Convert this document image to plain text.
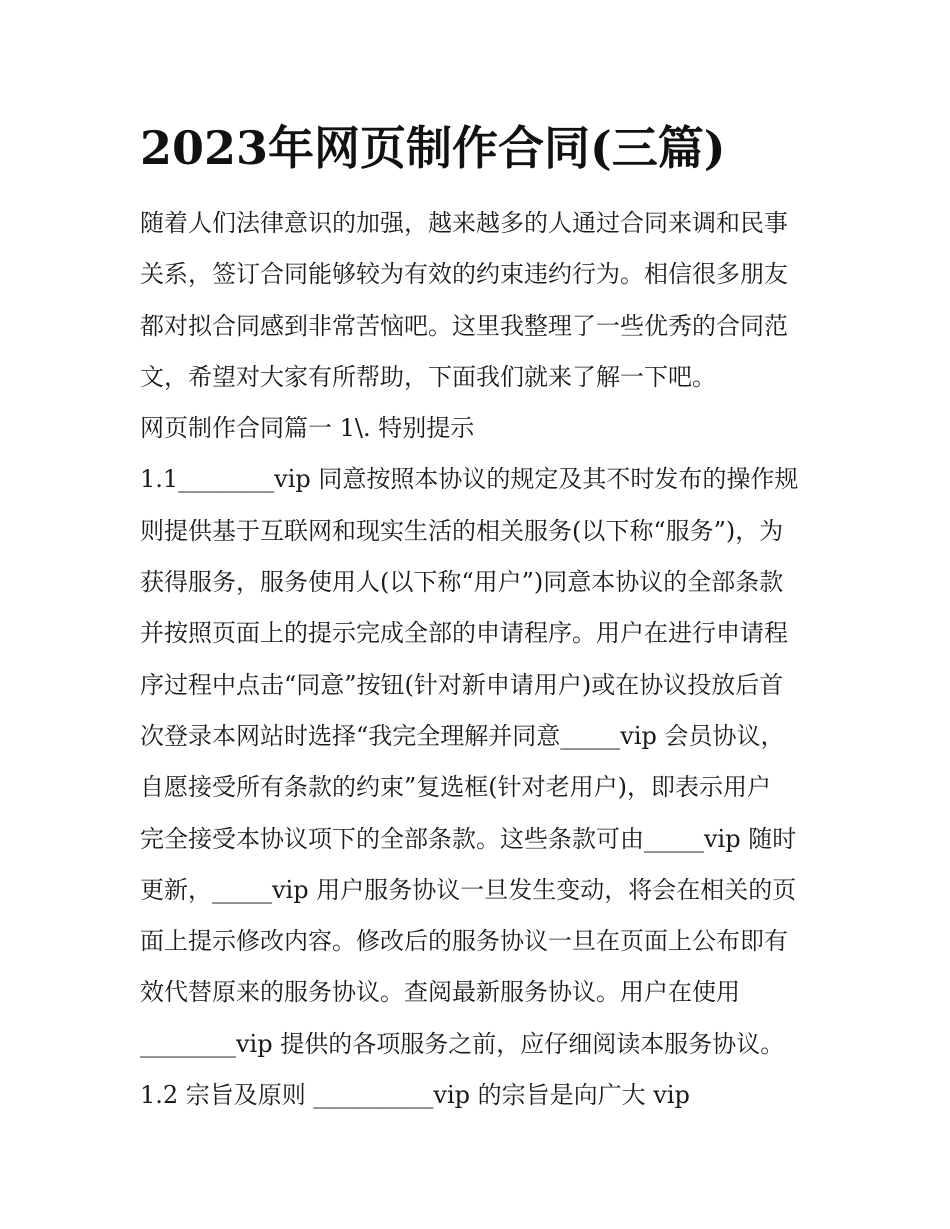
2023年网页制作合同(三篇)

随着人们法律意识的加强，越来越多的人通过合同来调和民事

关系，签订合同能够较为有效的约束违约行为。相信很多朋友

都对拟合同感到非常苦恼吧。这里我整理了一些优秀的合同范

文，希望对大家有所帮助，下面我们就来了解一下吧。

网页制作合同篇一 1\. 特别提示

1.1________vip 同意按照本协议的规定及其不时发布的操作规

则提供基于互联网和现实生活的相关服务(以下称“服务”)，为

获得服务，服务使用人(以下称“用户”)同意本协议的全部条款

并按照页面上的提示完成全部的申请程序。用户在进行申请程

序过程中点击“同意”按钮(针对新申请用户)或在协议投放后首

次登录本网站时选择“我完全理解并同意_____vip 会员协议，

自愿接受所有条款的约束”复选框(针对老用户)，即表示用户

完全接受本协议项下的全部条款。这些条款可由_____vip 随时

更新，_____vip 用户服务协议一旦发生变动，将会在相关的页

面上提示修改内容。修改后的服务协议一旦在页面上公布即有

效代替原来的服务协议。查阅最新服务协议。用户在使用

________vip 提供的各项服务之前，应仔细阅读本服务协议。

1.2 宗旨及原则 __________vip 的宗旨是向广大 vip
